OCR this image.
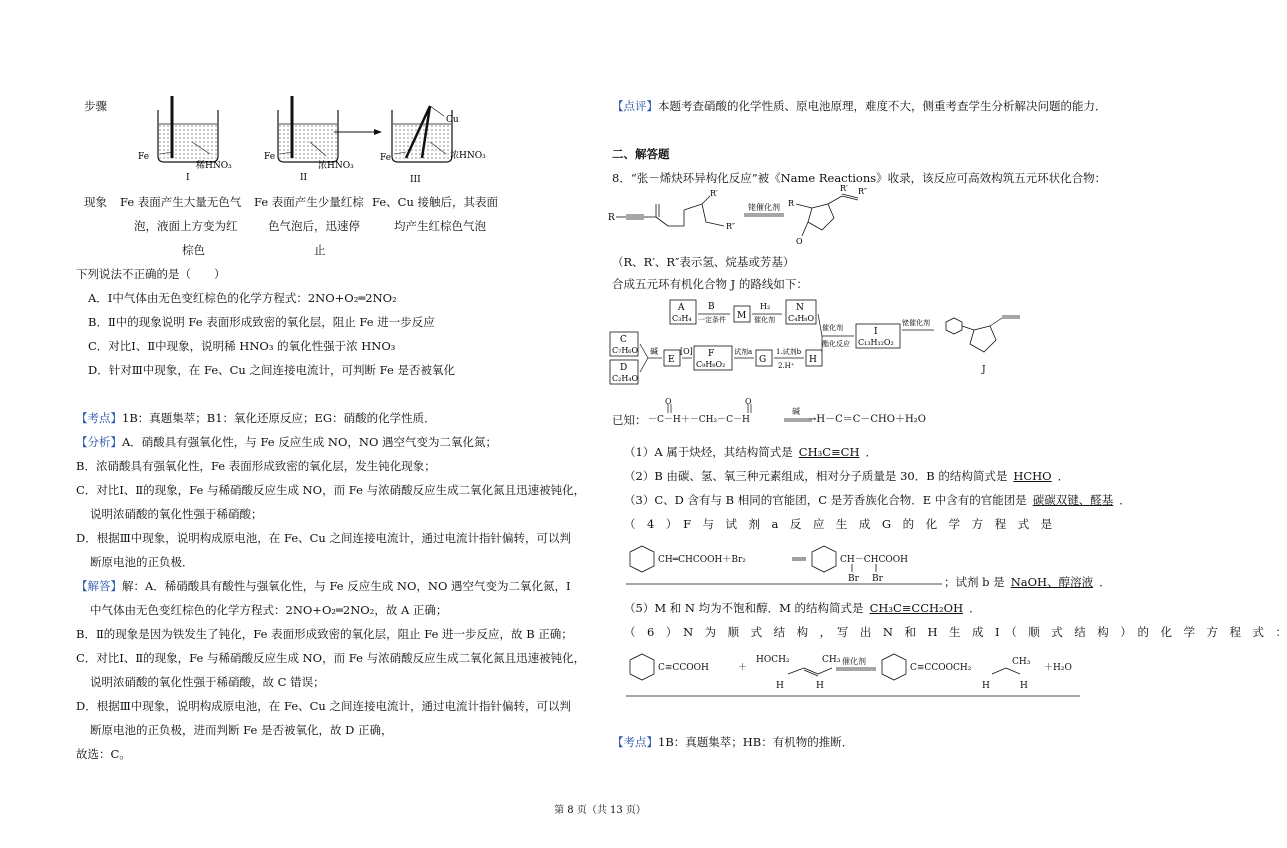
步骤
Fe
稀HNO₃
I
Fe
浓HNO₃
II
Cu
Fe	浓HNO₃
III
现象 Fe 表面产生大量无色气
泡，液面上方变为红
棕色
Fe 表面产生少量红棕
色气泡后，迅速停
止
Fe、Cu 接触后，其表面
均产生红棕色气泡
下列说法不正确的是（　　）
A．Ⅰ中气体由无色变红棕色的化学方程式：2NO+O₂═2NO₂
B．Ⅱ中的现象说明 Fe 表面形成致密的氧化层，阻止 Fe 进一步反应
C．对比Ⅰ、Ⅱ中现象，说明稀 HNO₃ 的氧化性强于浓 HNO₃
D．针对Ⅲ中现象，在 Fe、Cu 之间连接电流计，可判断 Fe 是否被氧化
【考点】1B：真题集萃；B1：氧化还原反应；EG：硝酸的化学性质．
【分析】A．硝酸具有强氧化性，与 Fe 反应生成 NO，NO 遇空气变为二氧化氮；
B．浓硝酸具有强氧化性，Fe 表面形成致密的氧化层，发生钝化现象；
C．对比Ⅰ、Ⅱ的现象，Fe 与稀硝酸反应生成 NO，而 Fe 与浓硝酸反应生成二氧化氮且迅速被钝化，
说明浓硝酸的氧化性强于稀硝酸；
D．根据Ⅲ中现象，说明构成原电池，在 Fe、Cu 之间连接电流计，通过电流计指针偏转，可以判
断原电池的正负极．
【解答】解：A．稀硝酸具有酸性与强氧化性，与 Fe 反应生成 NO，NO 遇空气变为二氧化氮，Ⅰ
中气体由无色变红棕色的化学方程式：2NO+O₂═2NO₂，故 A 正确；
B．Ⅱ的现象是因为铁发生了钝化，Fe 表面形成致密的氧化层，阻止 Fe 进一步反应，故 B 正确；
C．对比Ⅰ、Ⅱ的现象，Fe 与稀硝酸反应生成 NO，而 Fe 与浓硝酸反应生成二氧化氮且迅速被钝化，
说明浓硝酸的氧化性强于稀硝酸，故 C 错误；
D．根据Ⅲ中现象，说明构成原电池，在 Fe、Cu 之间连接电流计，通过电流计指针偏转，可以判
断原电池的正负极，进而判断 Fe 是否被氧化，故 D 正确，
故选：C。
【点评】本题考查硝酸的化学性质、原电池原理，难度不大，侧重考查学生分析解决问题的能力．
二、解答题
8．“张－烯炔环异构化反应”被《Name Reactions》收录，该反应可高效构筑五元环状化合物：
R
R′
R″
铑催化剂 R
R′ R″
O
（R、R′、R″表示氢、烷基或芳基）
合成五元环有机化合物 J 的路线如下：
A
C₃H₄
B
一定条件 M
H₂
催化剂
N
C₄H₈O
C
C₇H₆O
D
C₂H₄O
碱
E
[O] F
C₉H₈O₂
试剂a
G
1.试剂b
2.H⁺
H
催化剂
酯化反应
I
C₁₃H₁₂O₂
铑催化剂
J
已知： －C－H＋－CH₂－C－H
O	O
碱
→H－C＝C－CHO＋H₂O
（1）A 属于炔烃，其结构简式是 CH₃C≡CH ．
（2）B 由碳、氢、氧三种元素组成，相对分子质量是 30．B 的结构简式是 HCHO ．
（3）C、D 含有与 B 相同的官能团，C 是芳香族化合物．E 中含有的官能团是 碳碳双键、醛基 ．
（　4　）　F　与　试　剂　a　反　应　生　成　G　的　化　学　方　程　式　是
CH═CHCOOH＋Br₂	CH－CHCOOH
Br Br	；试剂 b 是 NaOH、醇溶液 ．
（5）M 和 N 均为不饱和醇．M 的结构简式是 CH₃C≡CCH₂OH ．
（　6　）　N　为　顺　式　结　构　，　写　出　N　和　H　生　成　I　（　顺　式　结　构　）　的　化　学　方　程　式　：
C≡CCOOH	＋
HOCH₂	CH₃
H	H
催化剂
C≡CCOOCH₂
CH₃
＋H₂O
H	H
【考点】1B：真题集萃；HB：有机物的推断．
第 8 页（共 13 页）
